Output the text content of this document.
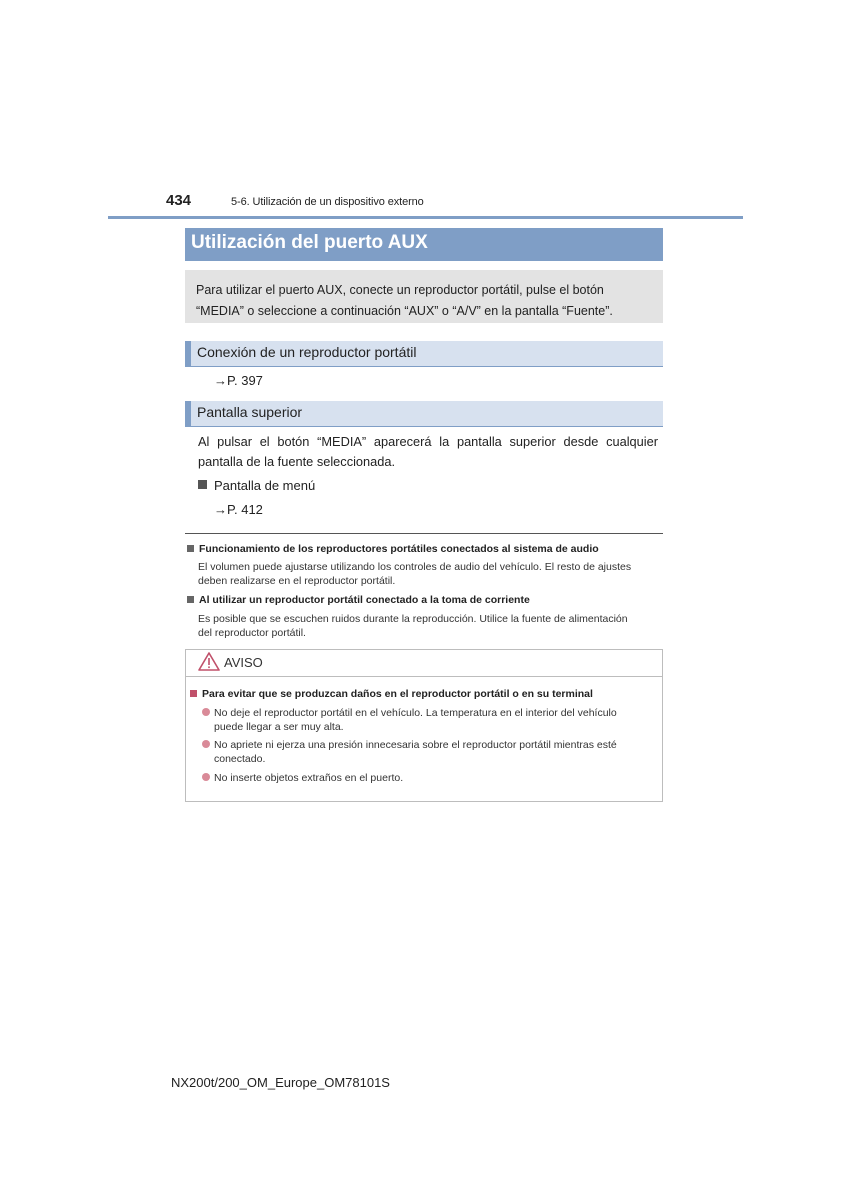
434	5-6. Utilización de un dispositivo externo
Utilización del puerto AUX
Para utilizar el puerto AUX, conecte un reproductor portátil, pulse el botón
“MEDIA” o seleccione a continuación “AUX” o “A/V” en la pantalla “Fuente”.
Conexión de un reproductor portátil
→P. 397
Pantalla superior
Al pulsar el botón “MEDIA” aparecerá la pantalla superior desde cualquier pantalla de la fuente seleccionada.
Pantalla de menú
→P. 412
Funcionamiento de los reproductores portátiles conectados al sistema de audio
El volumen puede ajustarse utilizando los controles de audio del vehículo. El resto de ajustes
deben realizarse en el reproductor portátil.
Al utilizar un reproductor portátil conectado a la toma de corriente
Es posible que se escuchen ruidos durante la reproducción. Utilice la fuente de alimentación
del reproductor portátil.
AVISO
Para evitar que se produzcan daños en el reproductor portátil o en su terminal
No deje el reproductor portátil en el vehículo. La temperatura en el interior del vehículo
puede llegar a ser muy alta.
No apriete ni ejerza una presión innecesaria sobre el reproductor portátil mientras esté
conectado.
No inserte objetos extraños en el puerto.
NX200t/200_OM_Europe_OM78101S
